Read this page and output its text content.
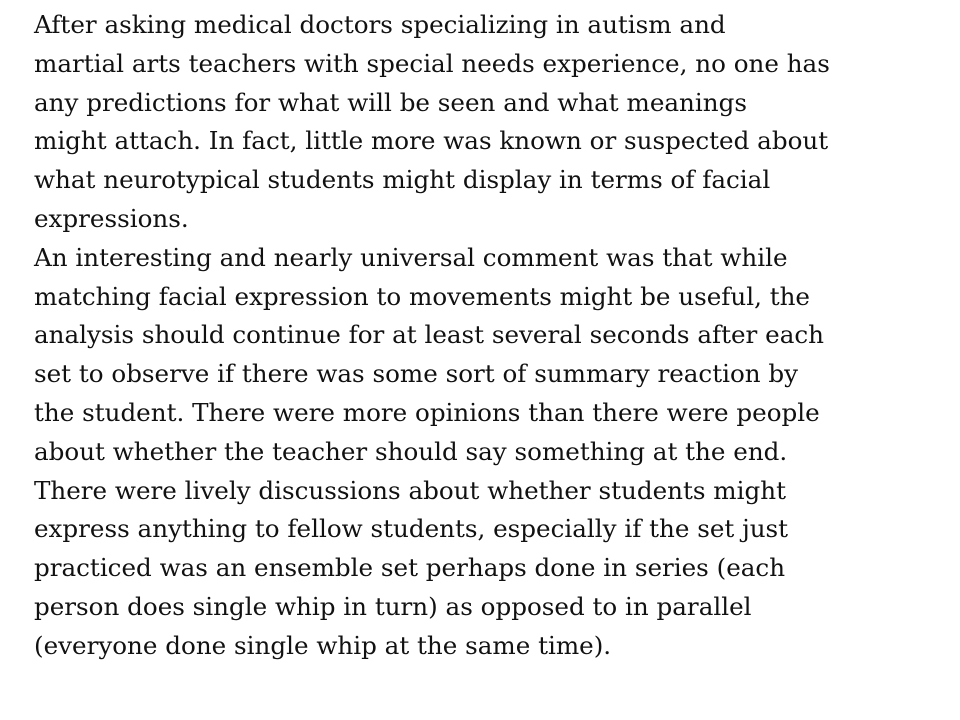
After asking medical doctors specializing in autism and
martial arts teachers with special needs experience, no one has
any predictions for what will be seen and what meanings
might attach. In fact, little more was known or suspected about
what neurotypical students might display in terms of facial
expressions.
An interesting and nearly universal comment was that while
matching facial expression to movements might be useful, the
analysis should continue for at least several seconds after each
set to observe if there was some sort of summary reaction by
the student. There were more opinions than there were people
about whether the teacher should say something at the end.
There were lively discussions about whether students might
express anything to fellow students, especially if the set just
practiced was an ensemble set perhaps done in series (each
person does single whip in turn) as opposed to in parallel
(everyone done single whip at the same time).
